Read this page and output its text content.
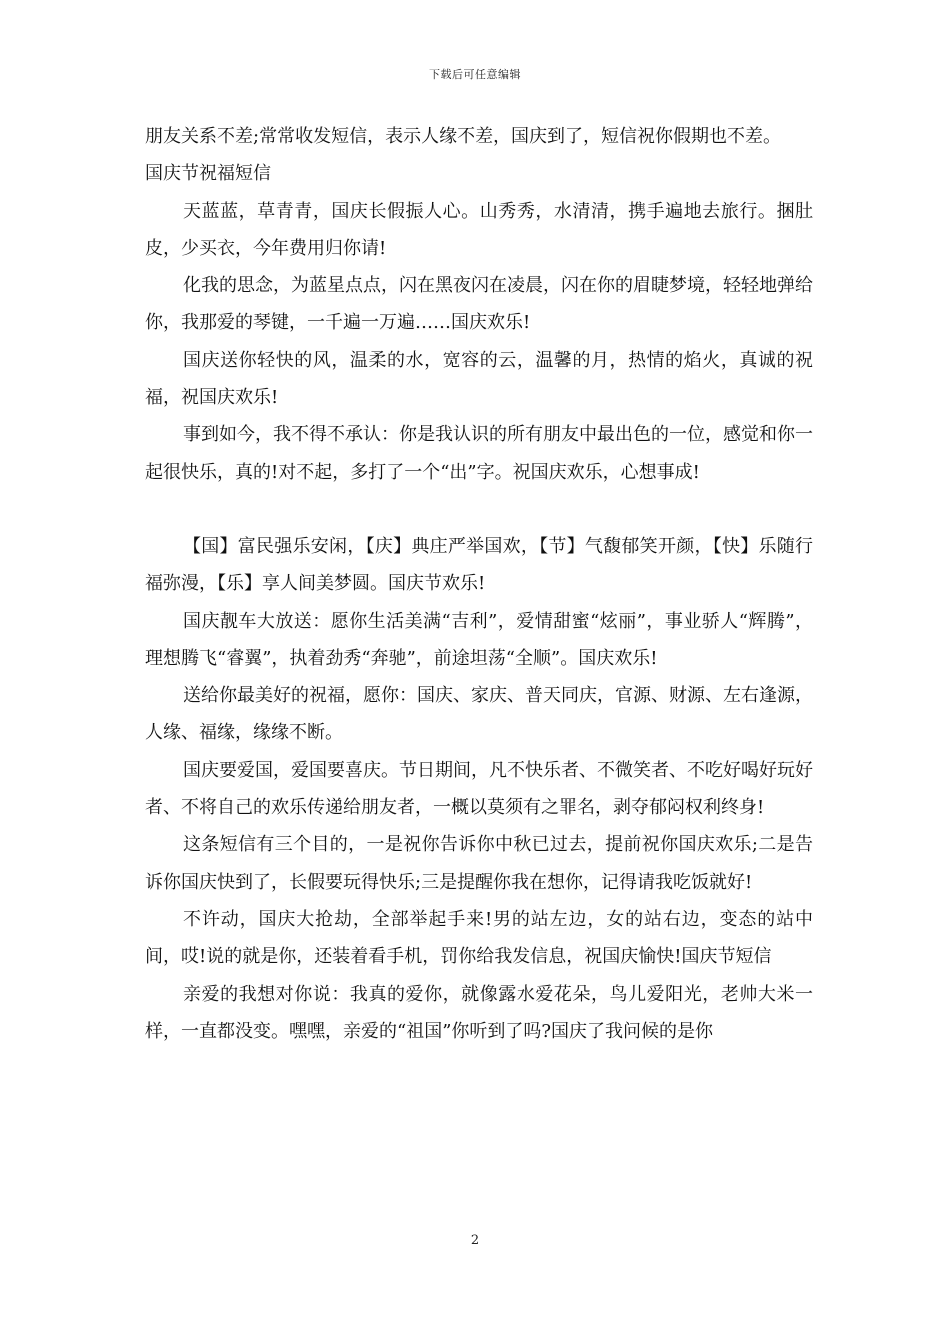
下载后可任意编辑

朋友关系不差;常常收发短信，表示人缘不差，国庆到了，短信祝你假期也不差。

国庆节祝福短信

天蓝蓝，草青青，国庆长假振人心。山秀秀，水清清，携手遍地去旅行。捆肚皮，少买衣，今年费用归你请!

化我的思念，为蓝星点点，闪在黑夜闪在凌晨，闪在你的眉睫梦境，轻轻地弹给你，我那爱的琴键，一千遍一万遍……国庆欢乐!

国庆送你轻快的风，温柔的水，宽容的云，温馨的月，热情的焰火，真诚的祝福，祝国庆欢乐!

事到如今，我不得不承认：你是我认识的所有朋友中最出色的一位，感觉和你一起很快乐，真的!对不起，多打了一个“出”字。祝国庆欢乐，心想事成!

【国】富民强乐安闲，【庆】典庄严举国欢，【节】气馥郁笑开颜，【快】乐随行福弥漫，【乐】享人间美梦圆。国庆节欢乐!

国庆靓车大放送：愿你生活美满“吉利”，爱情甜蜜“炫丽”，事业骄人“辉腾”，理想腾飞“睿翼”，执着劲秀“奔驰”，前途坦荡“全顺”。国庆欢乐!

送给你最美好的祝福，愿你：国庆、家庆、普天同庆，官源、财源、左右逢源，人缘、福缘，缘缘不断。

国庆要爱国，爱国要喜庆。节日期间，凡不快乐者、不微笑者、不吃好喝好玩好者、不将自己的欢乐传递给朋友者，一概以莫须有之罪名，剥夺郁闷权利终身!

这条短信有三个目的，一是祝你告诉你中秋已过去，提前祝你国庆欢乐;二是告诉你国庆快到了，长假要玩得快乐;三是提醒你我在想你，记得请我吃饭就好!

不许动，国庆大抢劫，全部举起手来!男的站左边，女的站右边，变态的站中间，哎!说的就是你，还装着看手机，罚你给我发信息，祝国庆愉快!国庆节短信

亲爱的我想对你说：我真的爱你，就像露水爱花朵，鸟儿爱阳光，老帅大米一样，一直都没变。嘿嘿，亲爱的“祖国”你听到了吗?国庆了我问候的是你

2
